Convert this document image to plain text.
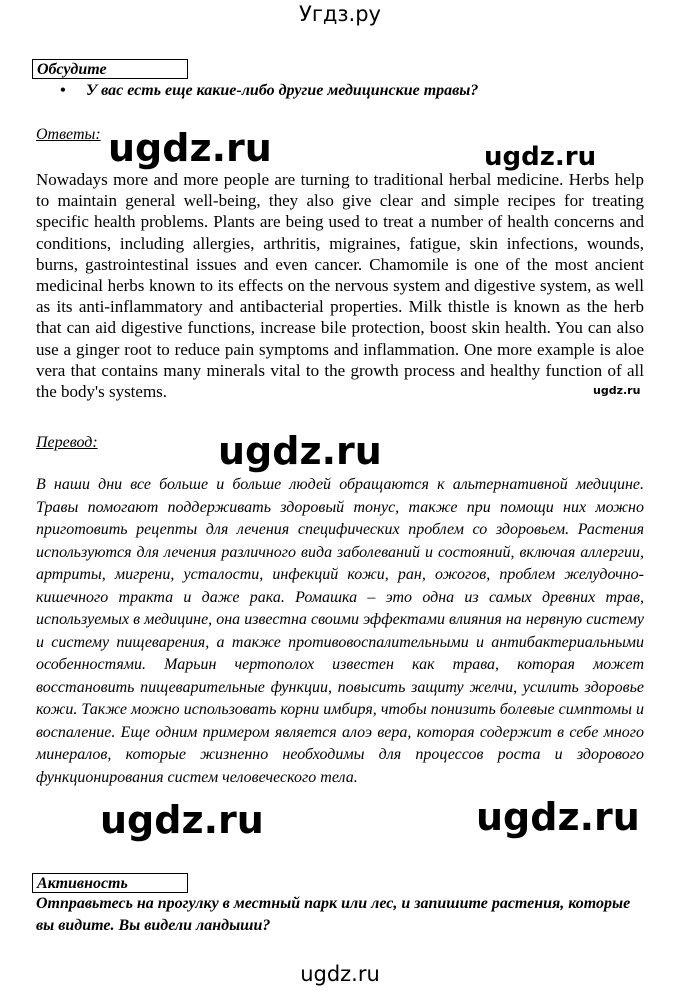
Угдз.ру
Обсудите
• У вас есть еще какие-либо другие медицинские травы?
Ответы:
Nowadays more and more people are turning to traditional herbal medicine. Herbs help to maintain general well-being, they also give clear and simple recipes for treating specific health problems. Plants are being used to treat a number of health concerns and conditions, including allergies, arthritis, migraines, fatigue, skin infections, wounds, burns, gastrointestinal issues and even cancer. Chamomile is one of the most ancient medicinal herbs known to its effects on the nervous system and digestive system, as well as its anti-inflammatory and antibacterial properties. Milk thistle is known as the herb that can aid digestive functions, increase bile protection, boost skin health. You can also use a ginger root to reduce pain symptoms and inflammation. One more example is aloe vera that contains many minerals vital to the growth process and healthy function of all the body's systems.
Перевод:
В наши дни все больше и больше людей обращаются к альтернативной медицине. Травы помогают поддерживать здоровый тонус, также при помощи них можно приготовить рецепты для лечения специфических проблем со здоровьем. Растения используются для лечения различного вида заболеваний и состояний, включая аллергии, артриты, мигрени, усталости, инфекций кожи, ран, ожогов, проблем желудочно-кишечного тракта и даже рака. Ромашка – это одна из самых древних трав, используемых в медицине, она известна своими эффектами влияния на нервную систему и систему пищеварения, а также противовоспалительными и антибактериальными особенностями. Марьин чертополох известен как трава, которая может восстановить пищеварительные функции, повысить защиту желчи, усилить здоровье кожи. Также можно использовать корни имбиря, чтобы понизить болевые симптомы и воспаление. Еще одним примером является алоэ вера, которая содержит в себе много минералов, которые жизненно необходимы для процессов роста и здорового функционирования систем человеческого тела.
Активность
Отправьтесь на прогулку в местный парк или лес, и запишите растения, которые вы видите. Вы видели ландыши?
ugdz.ru	ugdz.ru
ugdz.ru
ugdz.ru
ugdz.ru	ugdz.ru
ugdz.ru
